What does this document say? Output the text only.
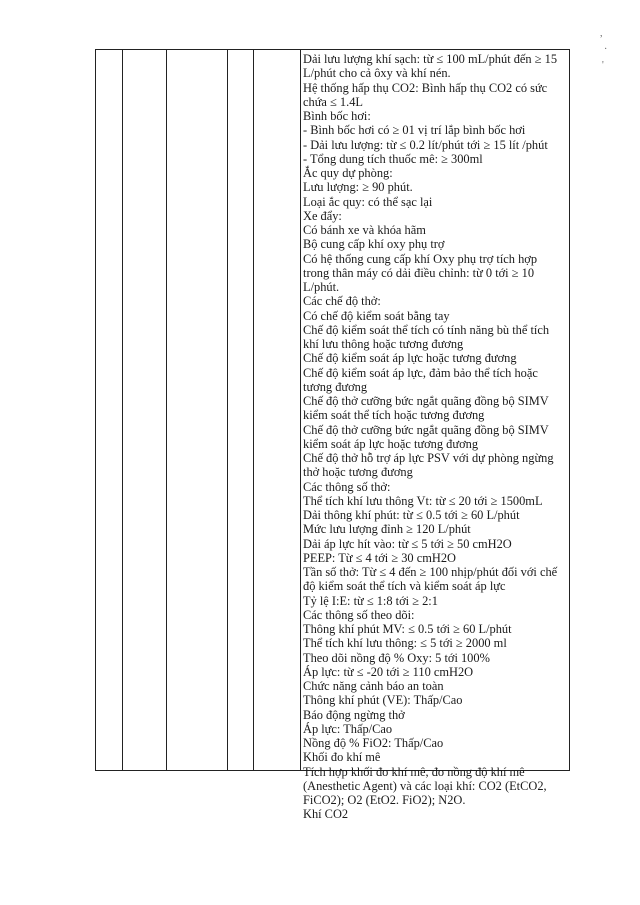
Dải lưu lượng khí sạch: từ ≤ 100 mL/phút đến ≥ 15 L/phút cho cả ôxy và khí nén.
Hệ thống hấp thụ CO2: Bình hấp thụ CO2 có sức chứa ≤ 1.4L
Bình bốc hơi:
- Bình bốc hơi có ≥ 01 vị trí lắp bình bốc hơi
- Dải lưu lượng: từ ≤ 0.2 lít/phút tới ≥ 15 lít /phút
- Tổng dung tích thuốc mê: ≥ 300ml
Ắc quy dự phòng:
Lưu lượng: ≥ 90 phút.
Loại ắc quy: có thể sạc lại
Xe đẩy:
Có bánh xe và khóa hãm
Bộ cung cấp khí oxy phụ trợ
Có hệ thống cung cấp khí Oxy phụ trợ tích hợp trong thân máy có dải điều chỉnh: từ 0 tới ≥ 10 L/phút.
Các chế độ thở:
Có chế độ kiểm soát bằng tay
Chế độ kiểm soát thể tích có tính năng bù thể tích khí lưu thông hoặc tương đương
Chế độ kiểm soát áp lực hoặc tương đương
Chế độ kiểm soát áp lực, đảm bảo thể tích hoặc tương đương
Chế độ thở cưỡng bức ngắt quãng đồng bộ SIMV kiểm soát thể tích hoặc tương đương
Chế độ thở cưỡng bức ngắt quãng đồng bộ SIMV kiểm soát áp lực hoặc tương đương
Chế độ thở hỗ trợ áp lực PSV với dự phòng ngừng thở hoặc tương đương
Các thông số thở:
Thể tích khí lưu thông Vt: từ ≤ 20 tới ≥ 1500mL
Dải thông khí phút: từ ≤ 0.5 tới ≥ 60 L/phút
Mức lưu lượng đỉnh ≥ 120 L/phút
Dải áp lực hít vào: từ ≤ 5 tới ≥ 50 cmH2O
PEEP: Từ ≤ 4 tới ≥ 30 cmH2O
Tần số thở: Từ ≤ 4 đến ≥ 100 nhịp/phút đối với chế độ kiểm soát thể tích và kiểm soát áp lực
Tỷ lệ I:E: từ ≤ 1:8 tới ≥ 2:1
Các thông số theo dõi:
Thông khí phút MV: ≤ 0.5 tới ≥ 60 L/phút
Thể tích khí lưu thông: ≤ 5 tới ≥ 2000 ml
Theo dõi nồng độ % Oxy: 5 tới 100%
Áp lực: từ ≤ -20 tới ≥ 110 cmH2O
Chức năng cảnh báo an toàn
Thông khí phút (VE): Thấp/Cao
Báo động ngừng thở
Áp lực: Thấp/Cao
Nồng độ % FiO2: Thấp/Cao
Khối đo khí mê
Tích hợp khối đo khí mê, đo nồng độ khí mê (Anesthetic Agent) và các loại khí: CO2 (EtCO2, FiCO2); O2 (EtO2. FiO2); N2O.
Khí CO2
,
·
'
